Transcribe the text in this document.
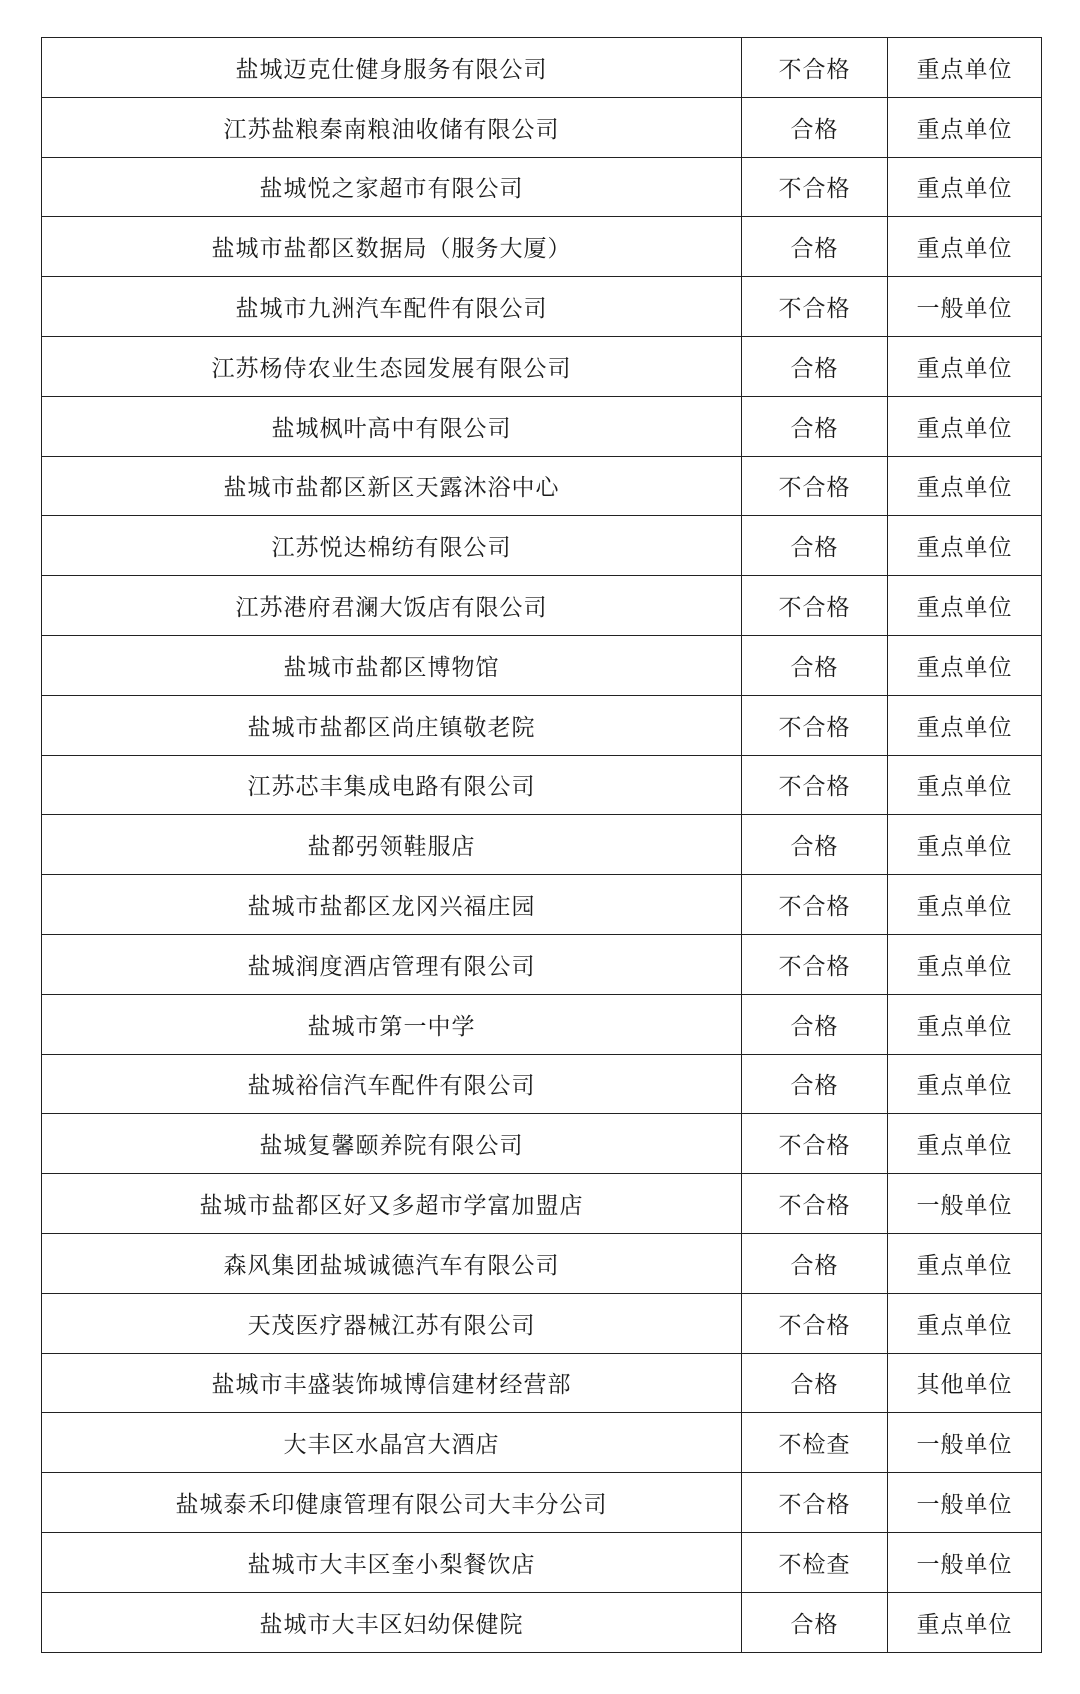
盐城迈克仕健身服务有限公司	不合格	重点单位
江苏盐粮秦南粮油收储有限公司	合格	重点单位
盐城悦之家超市有限公司	不合格	重点单位
盐城市盐都区数据局（服务大厦）	合格	重点单位
盐城市九洲汽车配件有限公司	不合格	一般单位
江苏杨侍农业生态园发展有限公司	合格	重点单位
盐城枫叶高中有限公司	合格	重点单位
盐城市盐都区新区天露沐浴中心	不合格	重点单位
江苏悦达棉纺有限公司	合格	重点单位
江苏港府君澜大饭店有限公司	不合格	重点单位
盐城市盐都区博物馆	合格	重点单位
盐城市盐都区尚庄镇敬老院	不合格	重点单位
江苏芯丰集成电路有限公司	不合格	重点单位
盐都弜领鞋服店	合格	重点单位
盐城市盐都区龙冈兴福庄园	不合格	重点单位
盐城润度酒店管理有限公司	不合格	重点单位
盐城市第一中学	合格	重点单位
盐城裕信汽车配件有限公司	合格	重点单位
盐城复馨颐养院有限公司	不合格	重点单位
盐城市盐都区好又多超市学富加盟店	不合格	一般单位
森风集团盐城诚德汽车有限公司	合格	重点单位
天茂医疗器械江苏有限公司	不合格	重点单位
盐城市丰盛装饰城博信建材经营部	合格	其他单位
大丰区水晶宫大酒店	不检查	一般单位
盐城泰禾印健康管理有限公司大丰分公司	不合格	一般单位
盐城市大丰区奎小梨餐饮店	不检查	一般单位
盐城市大丰区妇幼保健院	合格	重点单位
